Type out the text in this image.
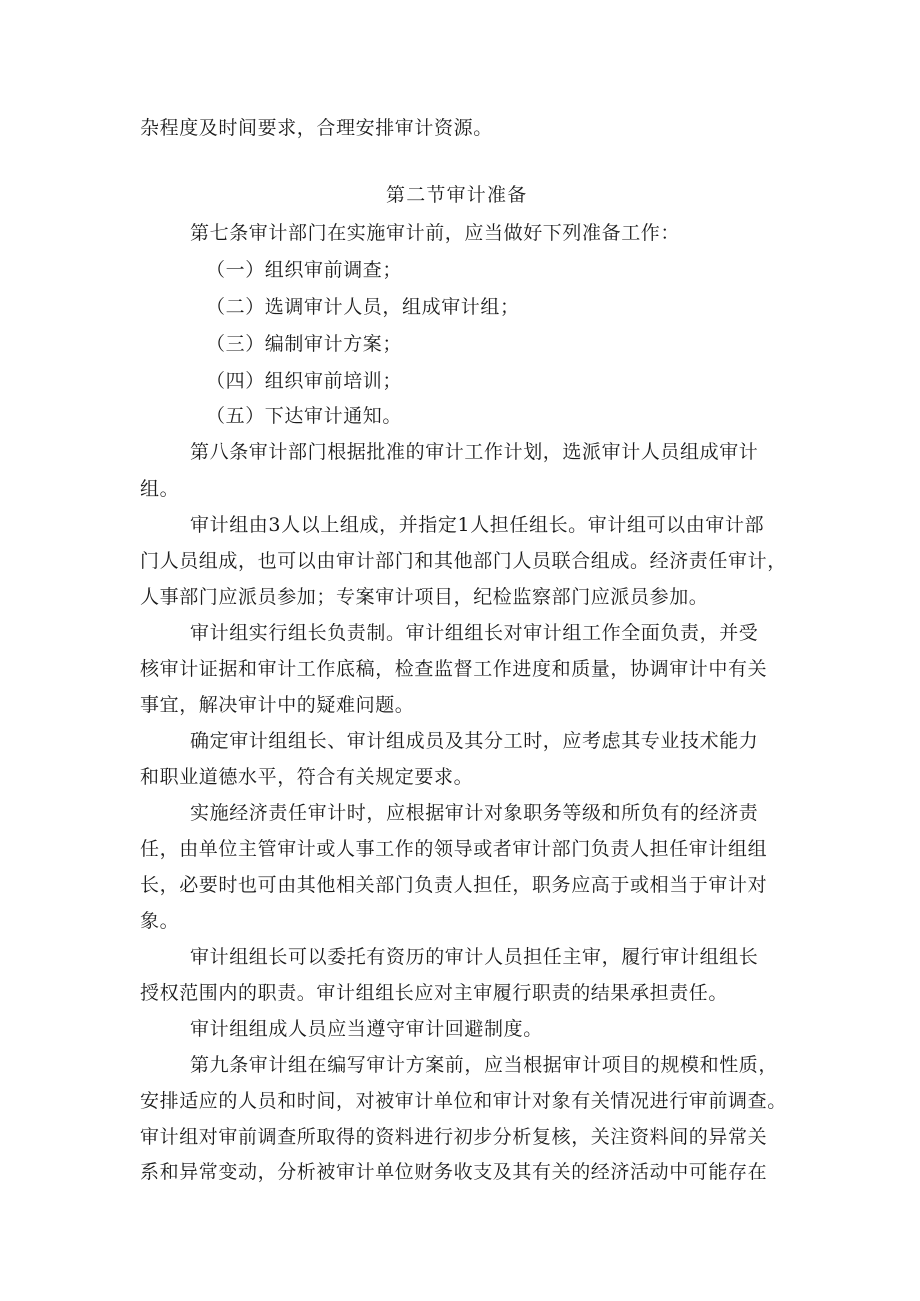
杂程度及时间要求，合理安排审计资源。

第二节审计准备

第七条审计部门在实施审计前，应当做好下列准备工作：

（一）组织审前调查；

（二）选调审计人员，组成审计组；

（三）编制审计方案；

（四）组织审前培训；

（五）下达审计通知。

第八条审计部门根据批准的审计工作计划，选派审计人员组成审计

组。

审计组由3人以上组成，并指定1人担任组长。审计组可以由审计部

门人员组成，也可以由审计部门和其他部门人员联合组成。经济责任审计，

人事部门应派员参加；专案审计项目，纪检监察部门应派员参加。

审计组实行组长负责制。审计组组长对审计组工作全面负责，并受

核审计证据和审计工作底稿，检查监督工作进度和质量，协调审计中有关

事宜，解决审计中的疑难问题。

确定审计组组长、审计组成员及其分工时，应考虑其专业技术能力

和职业道德水平，符合有关规定要求。

实施经济责任审计时，应根据审计对象职务等级和所负有的经济责

任，由单位主管审计或人事工作的领导或者审计部门负责人担任审计组组

长，必要时也可由其他相关部门负责人担任，职务应高于或相当于审计对

象。

审计组组长可以委托有资历的审计人员担任主审，履行审计组组长

授权范围内的职责。审计组组长应对主审履行职责的结果承担责任。

审计组组成人员应当遵守审计回避制度。

第九条审计组在编写审计方案前，应当根据审计项目的规模和性质，

安排适应的人员和时间，对被审计单位和审计对象有关情况进行审前调查。

审计组对审前调查所取得的资料进行初步分析复核，关注资料间的异常关

系和异常变动，分析被审计单位财务收支及其有关的经济活动中可能存在
